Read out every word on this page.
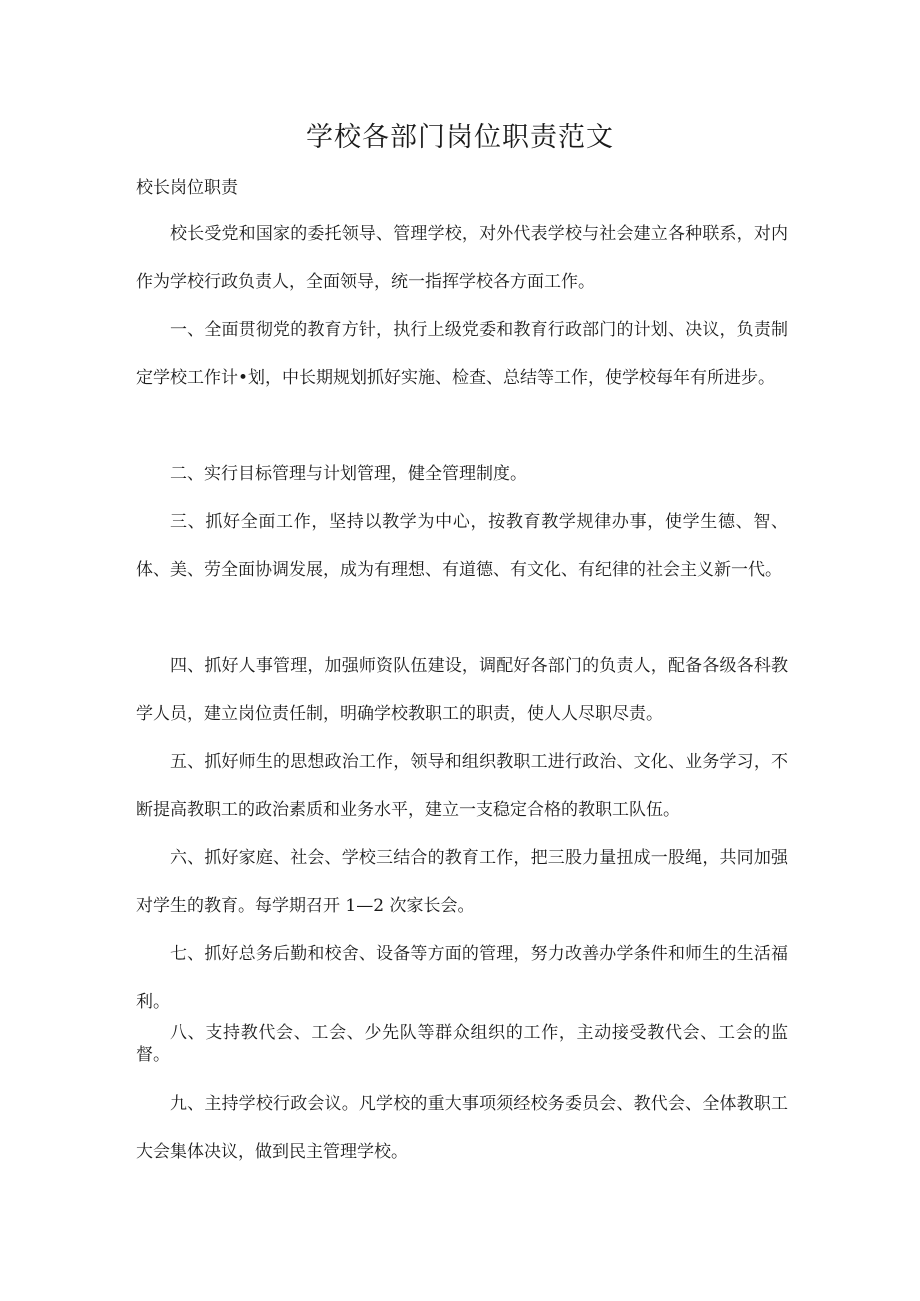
学校各部门岗位职责范文
校长岗位职责

校长受党和国家的委托领导、管理学校，对外代表学校与社会建立各种联系，对内作为学校行政负责人，全面领导，统一指挥学校各方面工作。

一、全面贯彻党的教育方针，执行上级党委和教育行政部门的计划、决议，负责制定学校工作计•划，中长期规划抓好实施、检查、总结等工作，使学校每年有所进步。

二、实行目标管理与计划管理，健全管理制度。

三、抓好全面工作，坚持以教学为中心，按教育教学规律办事，使学生德、智、体、美、劳全面协调发展，成为有理想、有道德、有文化、有纪律的社会主义新一代。

四、抓好人事管理，加强师资队伍建设，调配好各部门的负责人，配备各级各科教学人员，建立岗位责任制，明确学校教职工的职责，使人人尽职尽责。

五、抓好师生的思想政治工作，领导和组织教职工进行政治、文化、业务学习，不断提高教职工的政治素质和业务水平，建立一支稳定合格的教职工队伍。

六、抓好家庭、社会、学校三结合的教育工作，把三股力量扭成一股绳，共同加强对学生的教育。每学期召开 1—2 次家长会。

七、抓好总务后勤和校舍、设备等方面的管理，努力改善办学条件和师生的生活福利。

八、支持教代会、工会、少先队等群众组织的工作，主动接受教代会、工会的监督。

九、主持学校行政会议。凡学校的重大事项须经校务委员会、教代会、全体教职工大会集体决议，做到民主管理学校。
